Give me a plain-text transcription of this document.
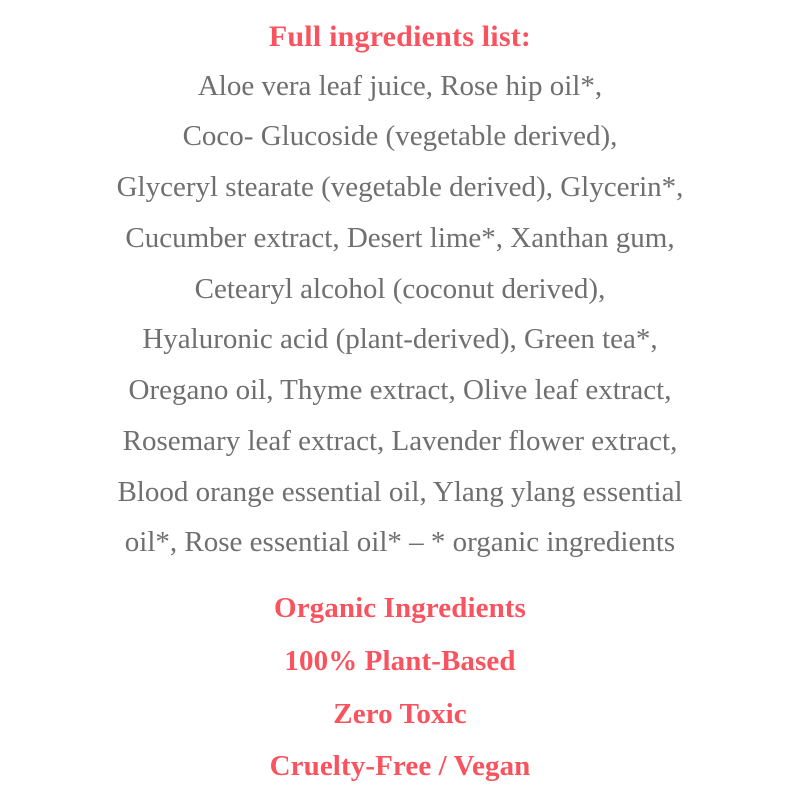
Full ingredients list:
Aloe vera leaf juice, Rose hip oil*,
Coco- Glucoside (vegetable derived),
Glyceryl stearate (vegetable derived), Glycerin*,
Cucumber extract, Desert lime*, Xanthan gum,
Cetearyl alcohol (coconut derived),
Hyaluronic acid (plant-derived), Green tea*,
Oregano oil, Thyme extract, Olive leaf extract,
Rosemary leaf extract, Lavender flower extract,
Blood orange essential oil, Ylang ylang essential
oil*, Rose essential oil* – * organic ingredients
Organic Ingredients
100% Plant-Based
Zero Toxic
Cruelty-Free / Vegan
